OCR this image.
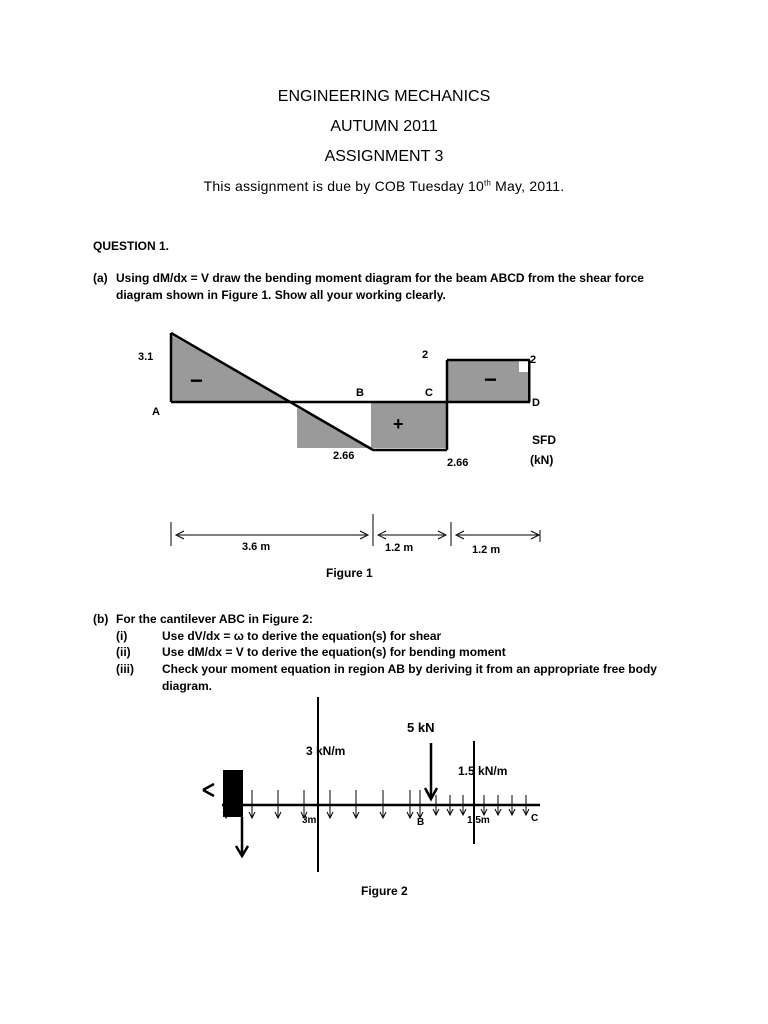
ENGINEERING MECHANICS
AUTUMN 2011
ASSIGNMENT 3
This assignment is due by COB Tuesday 10th May, 2011.
QUESTION 1.
(a) Using dM/dx = V draw the bending moment diagram for the beam ABCD from the shear force
diagram shown in Figure 1. Show all your working clearly.
3.1
A
2	2
B	C
D
−
+
−
2.66
2.66
SFD
(kN)
3.6 m	1.2 m	1.2 m
Figure 1
(b) For the cantilever ABC in Figure 2:
(i)	Use dV/dx = ω to derive the equation(s) for shear
(ii)	Use dM/dx = V to derive the equation(s) for bending moment
(iii) Check your moment equation in region AB by deriving it from an appropriate free body
diagram.
5 kN
3 kN/m
1.5 kN/m
3m	B	1.5m	C
Figure 2
